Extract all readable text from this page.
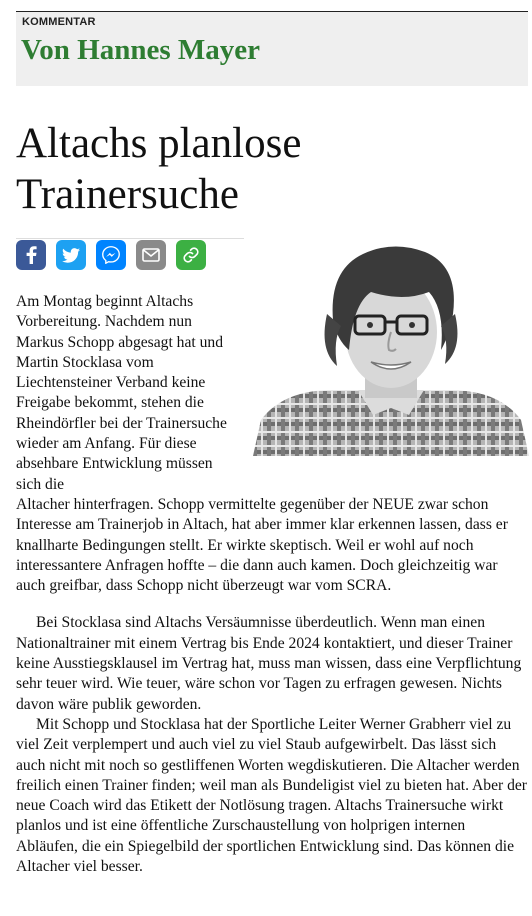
KOMMENTAR
Von Hannes Mayer
Altachs planlose
Trainersuche

Am Montag beginnt Altachs Vorbereitung. Nachdem nun Markus Schopp abgesagt hat und Martin Stocklasa vom Liechtensteiner Verband keine Freigabe bekommt, stehen die Rheindörfler bei der Trainersuche wieder am Anfang. Für diese absehbare Entwicklung müssen sich die
Altacher hinterfragen. Schopp vermittelte gegenüber der NEUE zwar schon Interesse am Trainerjob in Altach, hat aber immer klar erkennen lassen, dass er knallharte Bedingungen stellt. Er wirkte skeptisch. Weil er wohl auf noch interessantere Anfragen hoffte – die dann auch kamen. Doch gleichzeitig war auch greifbar, dass Schopp nicht überzeugt war vom SCRA.

Bei Stocklasa sind Altachs Versäumnisse überdeutlich. Wenn man einen Nationaltrainer mit einem Vertrag bis Ende 2024 kontaktiert, und dieser Trainer keine Ausstiegsklausel im Vertrag hat, muss man wissen, dass eine Verpflichtung sehr teuer wird. Wie teuer, wäre schon vor Tagen zu erfragen gewesen. Nichts davon wäre publik geworden.

Mit Schopp und Stocklasa hat der Sportliche Leiter Werner Grabherr viel zu viel Zeit verplempert und auch viel zu viel Staub aufgewirbelt. Das lässt sich auch nicht mit noch so gestliffenen Worten wegdiskutieren. Die Altacher werden freilich einen Trainer finden; weil man als Bundeligist viel zu bieten hat. Aber der neue Coach wird das Etikett der Notlösung tragen. Altachs Trainersuche wirkt planlos und ist eine öffentliche Zurschaustellung von holprigen internen Abläufen, die ein Spiegelbild der sportlichen Entwicklung sind. Das können die Altacher viel besser.
